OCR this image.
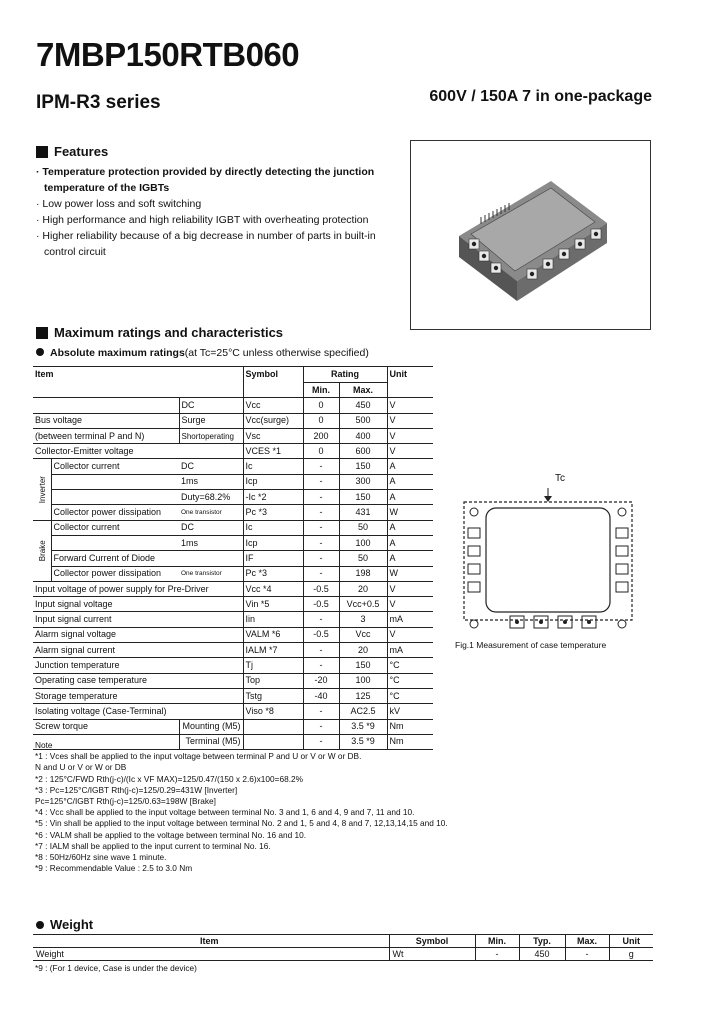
7MBP150RTB060
IPM-R3 series	600V / 150A 7 in one-package
Features
· Temperature protection provided by directly detecting the junction temperature of the IGBTs
· Low power loss and soft switching
· High performance and high reliability IGBT with overheating protection
· Higher reliability because of a big decrease in number of parts in built-in control circuit
Maximum ratings and characteristics
Absolute maximum ratings(at Tc=25°C unless otherwise specified)
Item			Symbol	Rating		Unit
				Min.	Max.	
		DC	Vcc	0	450	V
Bus voltage		Surge	Vcc(surge)	0	500	V
(between terminal P and N)		Shortoperating	Vsc	200	400	V
Collector-Emitter voltage			VCES *1	0	600	V
Inverter	Collector current	DC	Ic	-	150	A
		1ms	Icp	-	300	A
		Duty=68.2%	-Ic *2	-	150	A
	Collector power dissipation	One transistor	Pc *3	-	431	W
Brake	Collector current	DC	Ic	-	50	A
		1ms	Icp	-	100	A
	Forward Current of Diode		IF	-	50	A
	Collector power dissipation	One transistor	Pc *3	-	198	W
Input voltage of power supply for Pre-Driver			Vcc *4	-0.5	20	V
Input signal voltage			Vin *5	-0.5	Vcc+0.5	V
Input signal current			Iin	-	3	mA
Alarm signal voltage			VALM *6	-0.5	Vcc	V
Alarm signal current			IALM *7	-	20	mA
Junction temperature			Tj	-	150	°C
Operating case temperature			Top	-20	100	°C
Storage temperature			Tstg	-40	125	°C
Isolating voltage (Case-Terminal)			Viso *8	-	AC2.5	kV
Screw torque		Mounting (M5)		-	3.5 *9	Nm
		Terminal (M5)		-	3.5 *9	Nm
Note
*1 : Vces shall be applied to the input voltage between terminal P and U or V or W or DB.
N and U or V or W or DB
*2 : 125°C/FWD Rth(j-c)/(Ic x VF MAX)=125/0.47/(150 x 2.6)x100=68.2%
*3 : Pc=125°C/IGBT Rth(j-c)=125/0.29=431W [Inverter]
Pc=125°C/IGBT Rth(j-c)=125/0.63=198W [Brake]
*4 : Vcc shall be applied to the input voltage between terminal No. 3 and 1, 6 and 4, 9 and 7, 11 and 10.
*5 : Vin shall be applied to the input voltage between terminal No. 2 and 1, 5 and 4, 8 and 7, 12,13,14,15 and 10.
*6 : VALM shall be applied to the voltage between terminal No. 16 and 10.
*7 : IALM shall be applied to the input current to terminal No. 16.
*8 : 50Hz/60Hz sine wave 1 minute.
*9 : Recommendable Value : 2.5 to 3.0 Nm
Tc
Fig.1 Measurement of case temperature
Weight
Item	Symbol	Min.	Typ.	Max.	Unit
Weight	Wt	-	450	-	g
*9 : (For 1 device, Case is under the device)
